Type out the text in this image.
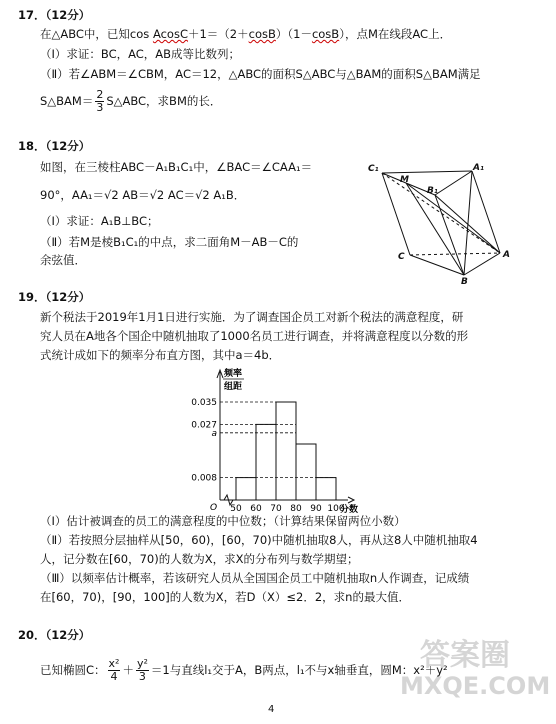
17．（12分）
在△ABC中，已知cos AcosC＋1＝（2＋cosB）（1－cosB），点M在线段AC上．
（Ⅰ）求证：BC，AC，AB成等比数列；
（Ⅱ）若∠ABM＝∠CBM，AC＝12，△ABC的面积S△ABC与△BAM的面积S△BAM满足
S△BAM＝ $\frac{2}{3}$ S△ABC，求BM的长．
18．（12分）
如图，在三棱柱ABC－A₁B₁C₁中，∠BAC＝∠CAA₁＝
90°，AA₁＝√2 AB＝√2 AC＝√2 A₁B．
（Ⅰ）求证：A₁B⊥BC；
（Ⅱ）若M是棱B₁C₁的中点，求二面角M－AB－C的
余弦值．
C₁
M
B₁
A₁
C
B
A
19．（12分）
新个税法于2019年1月1日进行实施．为了调查国企员工对新个税法的满意程度，研
究人员在A地各个国企中随机抽取了1000名员工进行调查，并将满意程度以分数的形
式统计成如下的频率分布直方图，其中a＝4b．
频率
组距
分数
O
0.035
0.027
a
0.008
50 60 70 80 90 100
（Ⅰ）估计被调查的员工的满意程度的中位数；（计算结果保留两位小数）
（Ⅱ）若按照分层抽样从[50，60)，[60，70)中随机抽取8人，再从这8人中随机抽取4
人，记分数在[60，70)的人数为X，求X的分布列与数学期望；
（Ⅲ）以频率估计概率，若该研究人员从全国国企员工中随机抽取n人作调查，记成绩
在[60，70)，[90，100]的人数为X，若D（X）≤2．2，求n的最大值．
20．（12分）
已知椭圆C： $\frac{\text{x²}}{4} + \frac{\text{y²}}{3} =1$与直线l₁交于A，B两点，l₁不与x轴垂直，圆M：x²＋y²
答案圈
MXQE.COM
4
